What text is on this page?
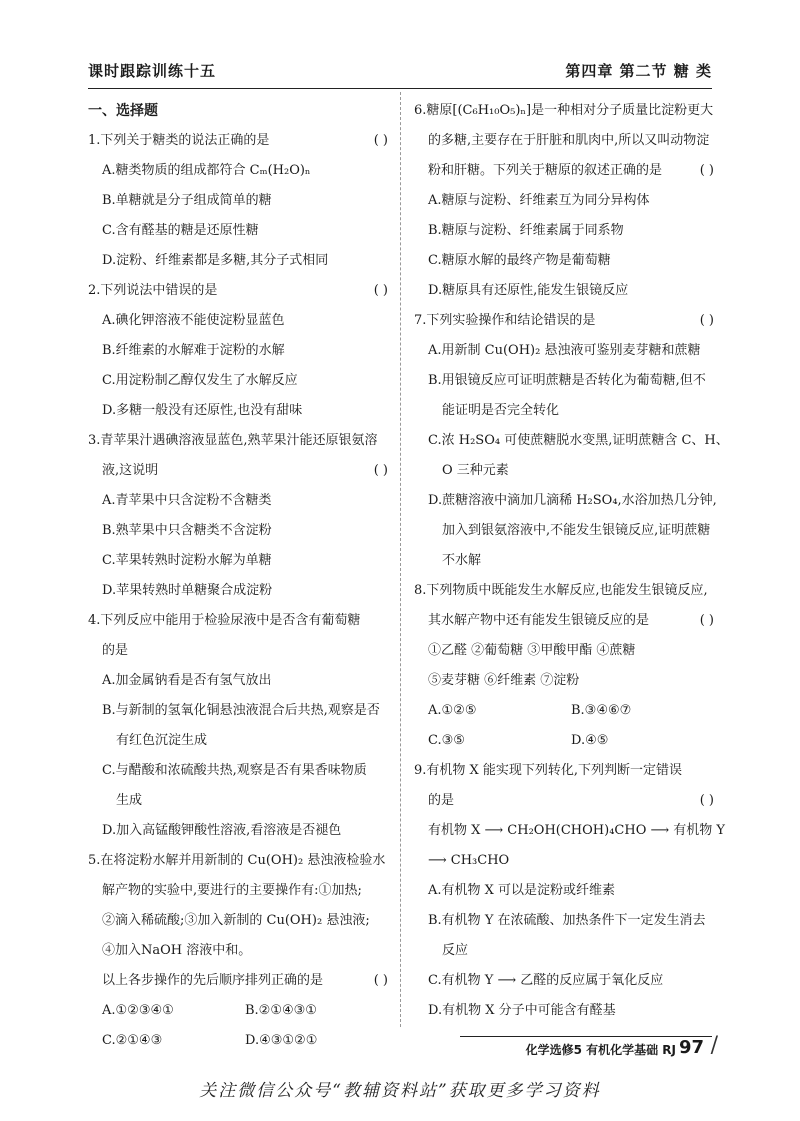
课时跟踪训练十五	第四章 第二节 糖 类
一、选择题
1.下列关于糖类的说法正确的是	( )
A.糖类物质的组成都符合 Cₘ(H₂O)ₙ
B.单糖就是分子组成简单的糖
C.含有醛基的糖是还原性糖
D.淀粉、纤维素都是多糖,其分子式相同
2.下列说法中错误的是	( )
A.碘化钾溶液不能使淀粉显蓝色
B.纤维素的水解难于淀粉的水解
C.用淀粉制乙醇仅发生了水解反应
D.多糖一般没有还原性,也没有甜味
3.青苹果汁遇碘溶液显蓝色,熟苹果汁能还原银氨溶
液,这说明	( )
A.青苹果中只含淀粉不含糖类
B.熟苹果中只含糖类不含淀粉
C.苹果转熟时淀粉水解为单糖
D.苹果转熟时单糖聚合成淀粉
4.下列反应中能用于检验尿液中是否含有葡萄糖
的是
A.加金属钠看是否有氢气放出
B.与新制的氢氧化铜悬浊液混合后共热,观察是否
有红色沉淀生成
C.与醋酸和浓硫酸共热,观察是否有果香味物质
生成
D.加入高锰酸钾酸性溶液,看溶液是否褪色
5.在将淀粉水解并用新制的 Cu(OH)₂ 悬浊液检验水
解产物的实验中,要进行的主要操作有:①加热;
②滴入稀硫酸;③加入新制的 Cu(OH)₂ 悬浊液;
④加入NaOH 溶液中和。
以上各步操作的先后顺序排列正确的是	( )
A.①②③④①	B.②①④③①
C.②①④③	D.④③①②①
6.糖原[(C₆H₁₀O₅)ₙ]是一种相对分子质量比淀粉更大
的多糖,主要存在于肝脏和肌肉中,所以又叫动物淀
粉和肝糖。下列关于糖原的叙述正确的是	( )
A.糖原与淀粉、纤维素互为同分异构体
B.糖原与淀粉、纤维素属于同系物
C.糖原水解的最终产物是葡萄糖
D.糖原具有还原性,能发生银镜反应
7.下列实验操作和结论错误的是	( )
A.用新制 Cu(OH)₂ 悬浊液可鉴别麦芽糖和蔗糖
B.用银镜反应可证明蔗糖是否转化为葡萄糖,但不
能证明是否完全转化
C.浓 H₂SO₄ 可使蔗糖脱水变黑,证明蔗糖含 C、H、
O 三种元素
D.蔗糖溶液中滴加几滴稀 H₂SO₄,水浴加热几分钟,
加入到银氨溶液中,不能发生银镜反应,证明蔗糖
不水解
8.下列物质中既能发生水解反应,也能发生银镜反应,
其水解产物中还有能发生银镜反应的是	( )
①乙醛 ②葡萄糖 ③甲酸甲酯 ④蔗糖
⑤麦芽糖 ⑥纤维素 ⑦淀粉
A.①②⑤	B.③④⑥⑦
C.③⑤	D.④⑤
9.有机物 X 能实现下列转化,下列判断一定错误
的是	( )
有机物 X ⟶ CH₂OH(CHOH)₄CHO ⟶ 有机物 Y
⟶ CH₃CHO
A.有机物 X 可以是淀粉或纤维素
B.有机物 Y 在浓硫酸、加热条件下一定发生消去
反应
C.有机物 Y ⟶ 乙醛的反应属于氧化反应
D.有机物 X 分子中可能含有醛基
化学选修5 有机化学基础 RJ 97 /
关注微信公众号“教辅资料站”获取更多学习资料
